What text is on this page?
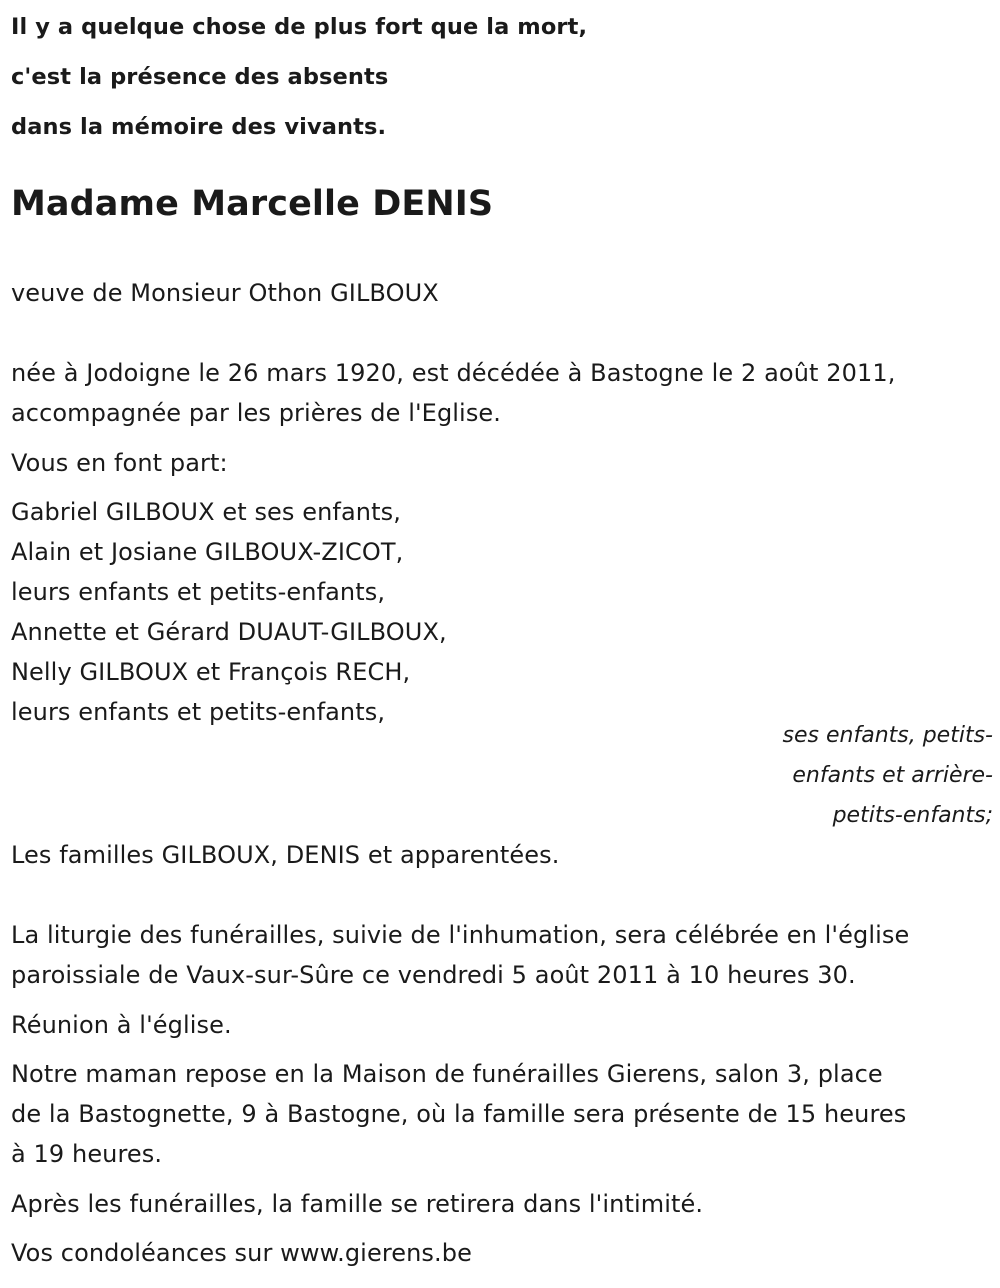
Il y a quelque chose de plus fort que la mort,
c'est la présence des absents
dans la mémoire des vivants.
Madame Marcelle DENIS
veuve de Monsieur Othon GILBOUX
née à Jodoigne le 26 mars 1920, est décédée à Bastogne le 2 août 2011,
accompagnée par les prières de l'Eglise.
Vous en font part:
Gabriel GILBOUX et ses enfants,
Alain et Josiane GILBOUX-ZICOT,
leurs enfants et petits-enfants,
Annette et Gérard DUAUT-GILBOUX,
Nelly GILBOUX et François RECH,
leurs enfants et petits-enfants,
ses enfants, petits-
enfants et arrière-
petits-enfants;
Les familles GILBOUX, DENIS et apparentées.
La liturgie des funérailles, suivie de l'inhumation, sera célébrée en l'église
paroissiale de Vaux-sur-Sûre ce vendredi 5 août 2011 à 10 heures 30.
Réunion à l'église.
Notre maman repose en la Maison de funérailles Gierens, salon 3, place
de la Bastognette, 9 à Bastogne, où la famille sera présente de 15 heures
à 19 heures.
Après les funérailles, la famille se retirera dans l'intimité.
Vos condoléances sur www.gierens.be
